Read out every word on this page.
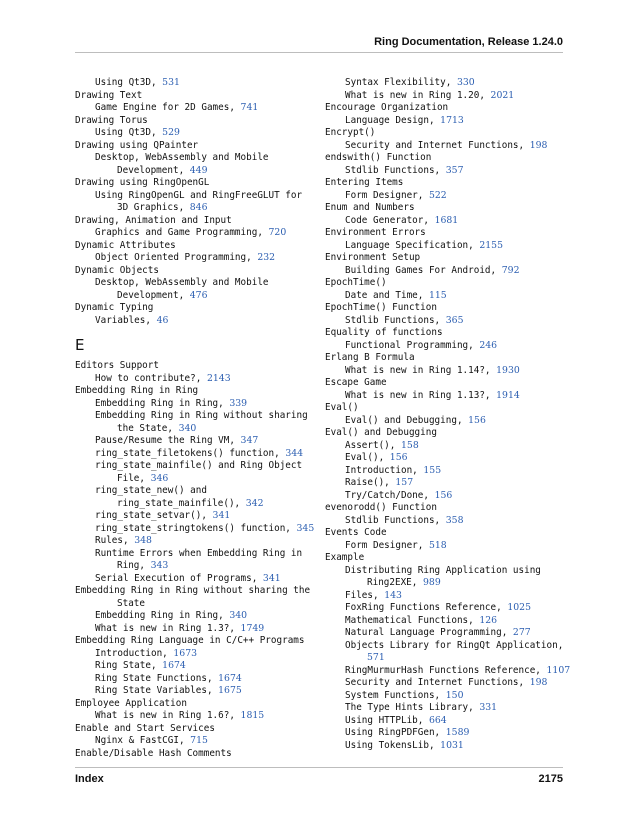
Ring Documentation, Release 1.24.0
Using Qt3D, 531
Drawing Text
Game Engine for 2D Games, 741
Drawing Torus
Using Qt3D, 529
Drawing using QPainter
Desktop, WebAssembly and Mobile
Development, 449
Drawing using RingOpenGL
Using RingOpenGL and RingFreeGLUT for
3D Graphics, 846
Drawing, Animation and Input
Graphics and Game Programming, 720
Dynamic Attributes
Object Oriented Programming, 232
Dynamic Objects
Desktop, WebAssembly and Mobile
Development, 476
Dynamic Typing
Variables, 46
E
Editors Support
How to contribute?, 2143
Embedding Ring in Ring
Embedding Ring in Ring, 339
Embedding Ring in Ring without sharing
the State, 340
Pause/Resume the Ring VM, 347
ring_state_filetokens() function, 344
ring_state_mainfile() and Ring Object
File, 346
ring_state_new() and
ring_state_mainfile(), 342
ring_state_setvar(), 341
ring_state_stringtokens() function, 345
Rules, 348
Runtime Errors when Embedding Ring in
Ring, 343
Serial Execution of Programs, 341
Embedding Ring in Ring without sharing the
State
Embedding Ring in Ring, 340
What is new in Ring 1.3?, 1749
Embedding Ring Language in C/C++ Programs
Introduction, 1673
Ring State, 1674
Ring State Functions, 1674
Ring State Variables, 1675
Employee Application
What is new in Ring 1.6?, 1815
Enable and Start Services
Nginx & FastCGI, 715
Enable/Disable Hash Comments
Syntax Flexibility, 330
What is new in Ring 1.20, 2021
Encourage Organization
Language Design, 1713
Encrypt()
Security and Internet Functions, 198
endswith() Function
Stdlib Functions, 357
Entering Items
Form Designer, 522
Enum and Numbers
Code Generator, 1681
Environment Errors
Language Specification, 2155
Environment Setup
Building Games For Android, 792
EpochTime()
Date and Time, 115
EpochTime() Function
Stdlib Functions, 365
Equality of functions
Functional Programming, 246
Erlang B Formula
What is new in Ring 1.14?, 1930
Escape Game
What is new in Ring 1.13?, 1914
Eval()
Eval() and Debugging, 156
Eval() and Debugging
Assert(), 158
Eval(), 156
Introduction, 155
Raise(), 157
Try/Catch/Done, 156
evenorodd() Function
Stdlib Functions, 358
Events Code
Form Designer, 518
Example
Distributing Ring Application using
Ring2EXE, 989
Files, 143
FoxRing Functions Reference, 1025
Mathematical Functions, 126
Natural Language Programming, 277
Objects Library for RingQt Application,
571
RingMurmurHash Functions Reference, 1107
Security and Internet Functions, 198
System Functions, 150
The Type Hints Library, 331
Using HTTPLib, 664
Using RingPDFGen, 1589
Using TokensLib, 1031
Index	2175
